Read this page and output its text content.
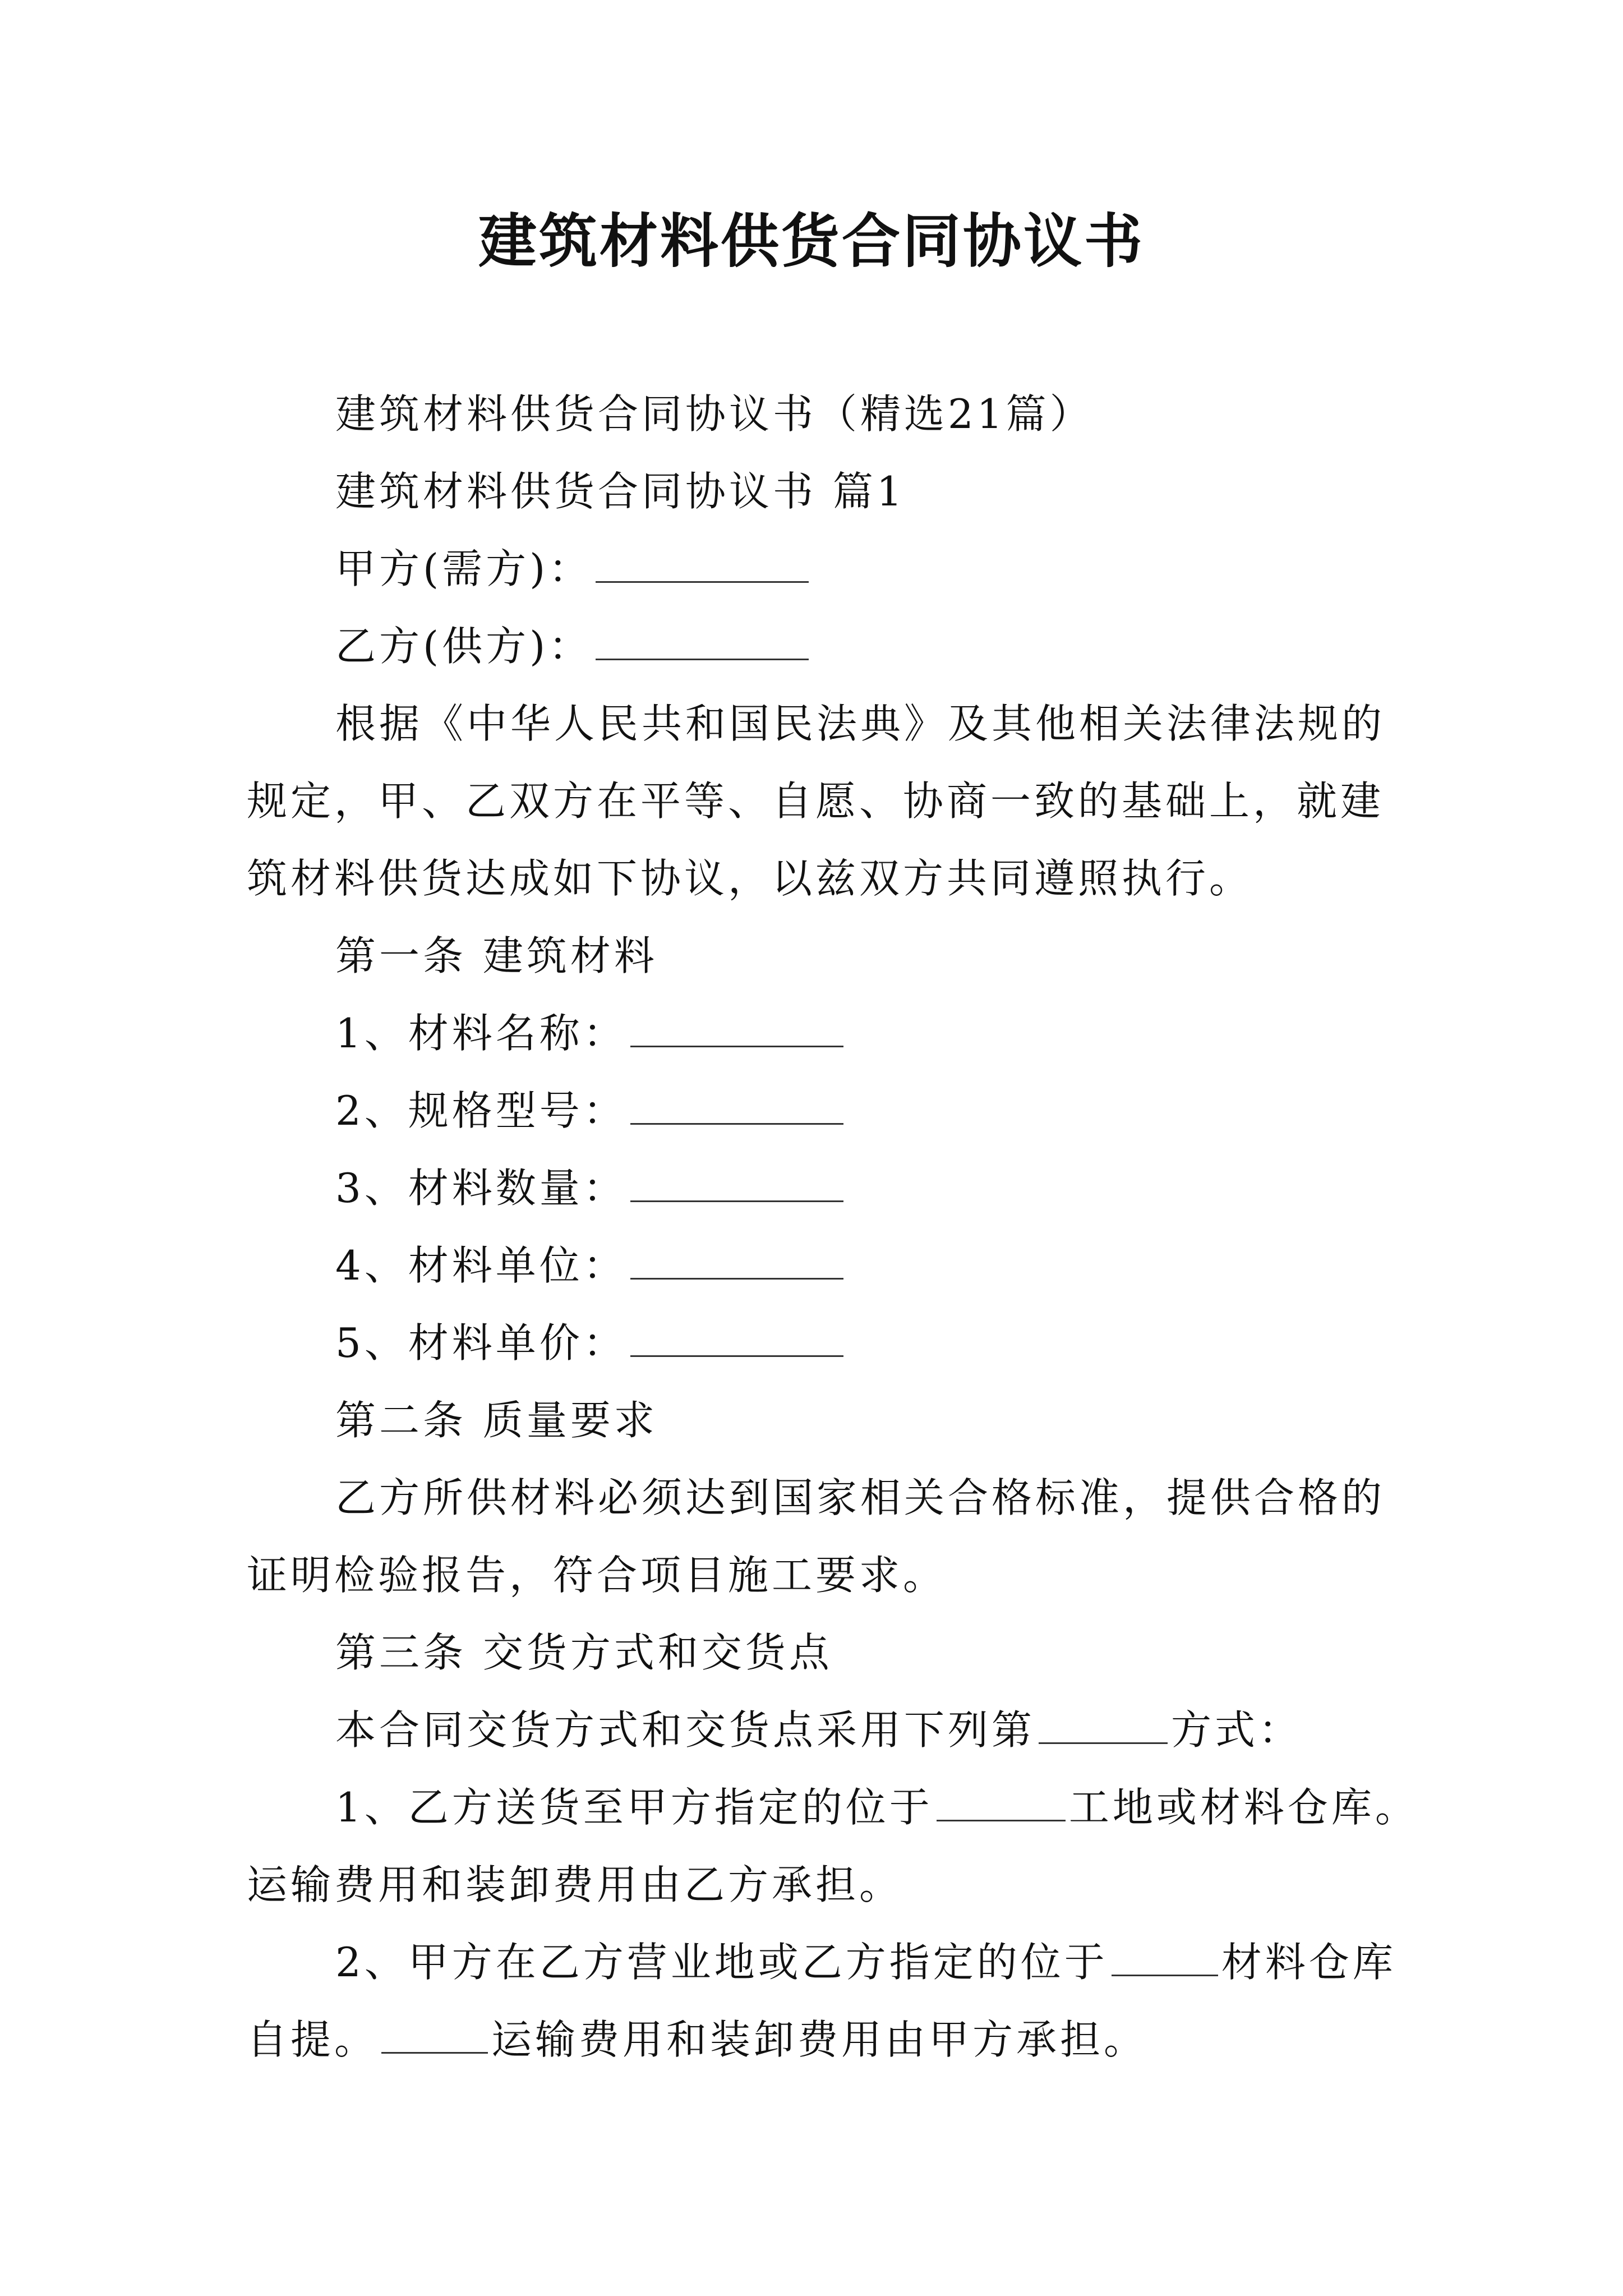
建筑材料供货合同协议书
建筑材料供货合同协议书（精选21篇）
建筑材料供货合同协议书 篇1
甲方(需方)：
乙方(供方)：
根据《中华人民共和国民法典》及其他相关法律法规的
规定，甲、乙双方在平等、自愿、协商一致的基础上，就建
筑材料供货达成如下协议，以兹双方共同遵照执行。
第一条 建筑材料
1、材料名称：
2、规格型号：
3、材料数量：
4、材料单位：
5、材料单价：
第二条 质量要求
乙方所供材料必须达到国家相关合格标准，提供合格的
证明检验报告，符合项目施工要求。
第三条 交货方式和交货点
本合同交货方式和交货点采用下列第	方式：
1、乙方送货至甲方指定的位于	工地或材料仓库。
运输费用和装卸费用由乙方承担。
2、甲方在乙方营业地或乙方指定的位于	材料仓库
自提。	运输费用和装卸费用由甲方承担。
